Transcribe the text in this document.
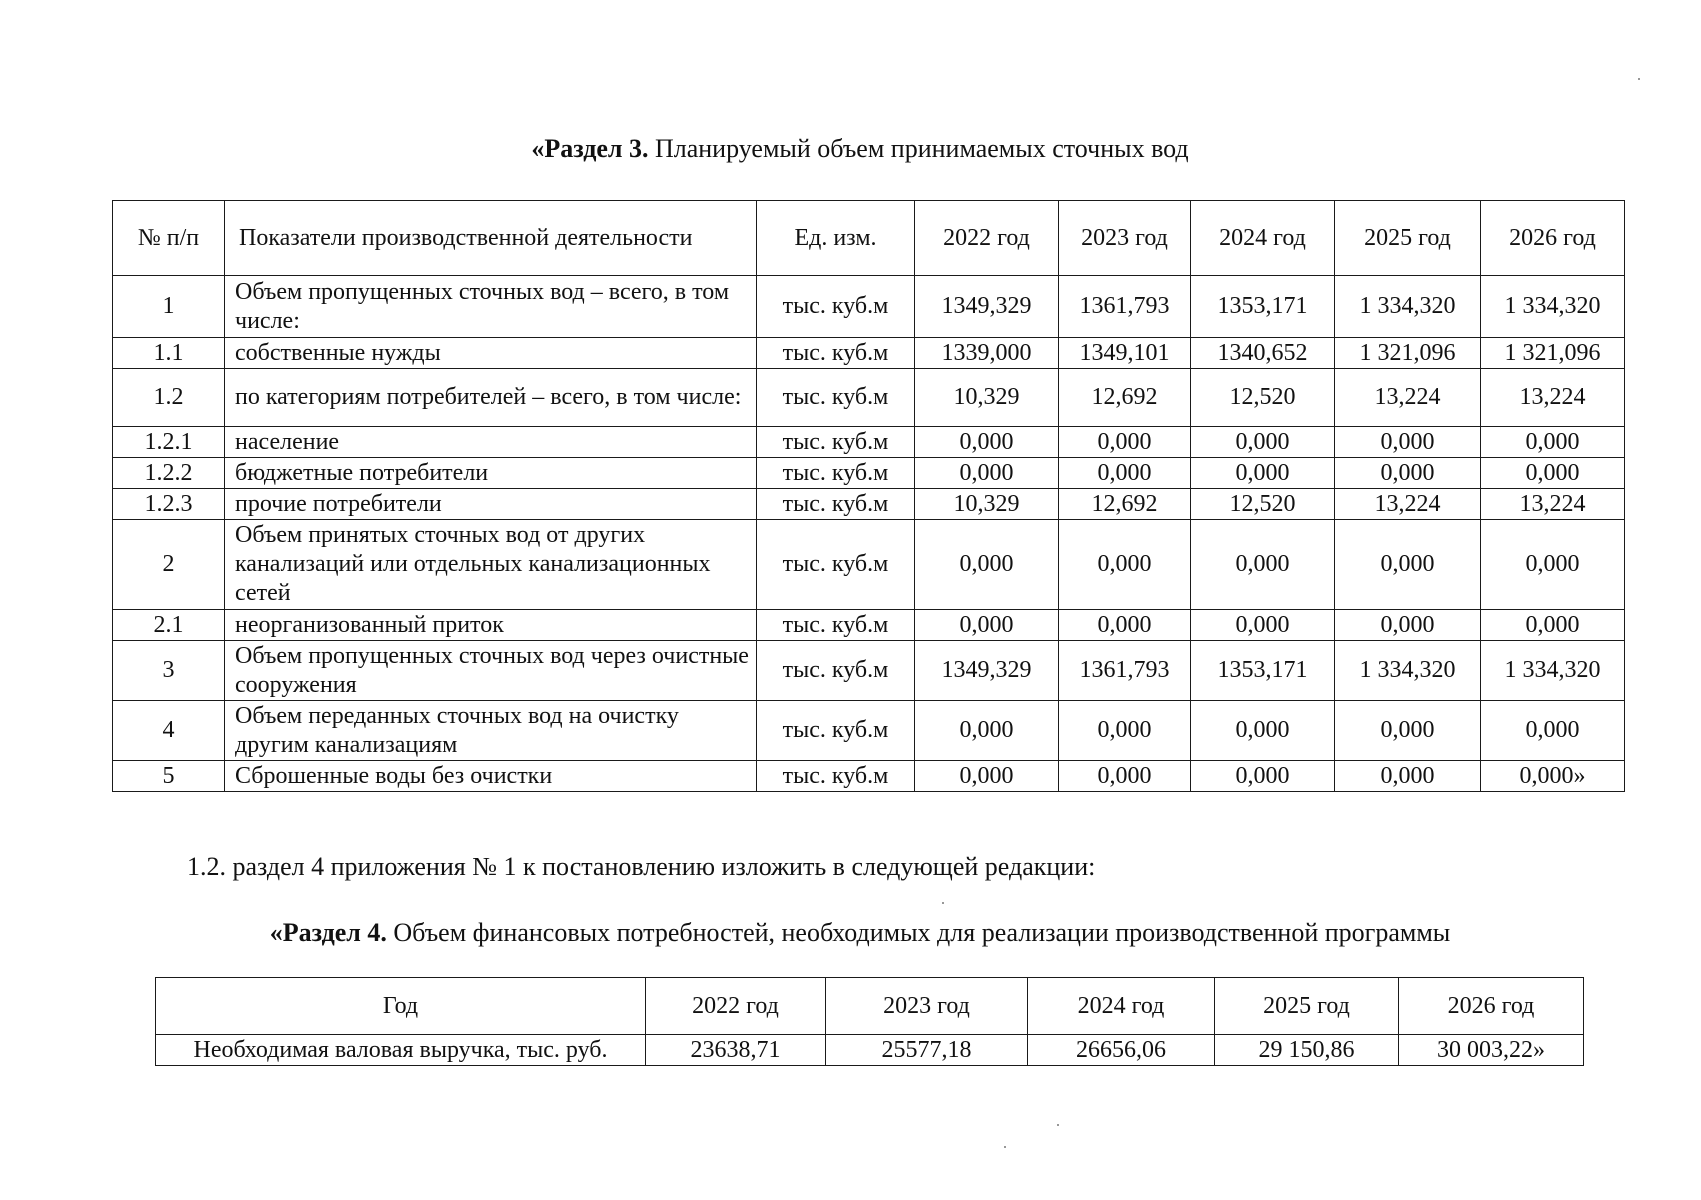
«Раздел 3. Планируемый объем принимаемых сточных вод
№ п/п	Показатели производственной деятельности	Ед. изм.	2022 год	2023 год	2024 год	2025 год	2026 год
1	Объем пропущенных сточных вод – всего, в том числе:	тыс. куб.м	1349,329	1361,793	1353,171	1 334,320	1 334,320
1.1	собственные нужды	тыс. куб.м	1339,000	1349,101	1340,652	1 321,096	1 321,096
1.2	по категориям потребителей – всего, в том числе:	тыс. куб.м	10,329	12,692	12,520	13,224	13,224
1.2.1	население	тыс. куб.м	0,000	0,000	0,000	0,000	0,000
1.2.2	бюджетные потребители	тыс. куб.м	0,000	0,000	0,000	0,000	0,000
1.2.3	прочие потребители	тыс. куб.м	10,329	12,692	12,520	13,224	13,224
2	Объем принятых сточных вод от других канализаций или отдельных канализационных сетей	тыс. куб.м	0,000	0,000	0,000	0,000	0,000
2.1	неорганизованный приток	тыс. куб.м	0,000	0,000	0,000	0,000	0,000
3	Объем пропущенных сточных вод через очистные сооружения	тыс. куб.м	1349,329	1361,793	1353,171	1 334,320	1 334,320
4	Объем переданных сточных вод на очистку другим канализациям	тыс. куб.м	0,000	0,000	0,000	0,000	0,000
5	Сброшенные воды без очистки	тыс. куб.м	0,000	0,000	0,000	0,000	0,000»
1.2. раздел 4 приложения № 1 к постановлению изложить в следующей редакции:
«Раздел 4. Объем финансовых потребностей, необходимых для реализации производственной программы
Год	2022 год	2023 год	2024 год	2025 год	2026 год
Необходимая валовая выручка, тыс. руб.	23638,71	25577,18	26656,06	29 150,86	30 003,22»
